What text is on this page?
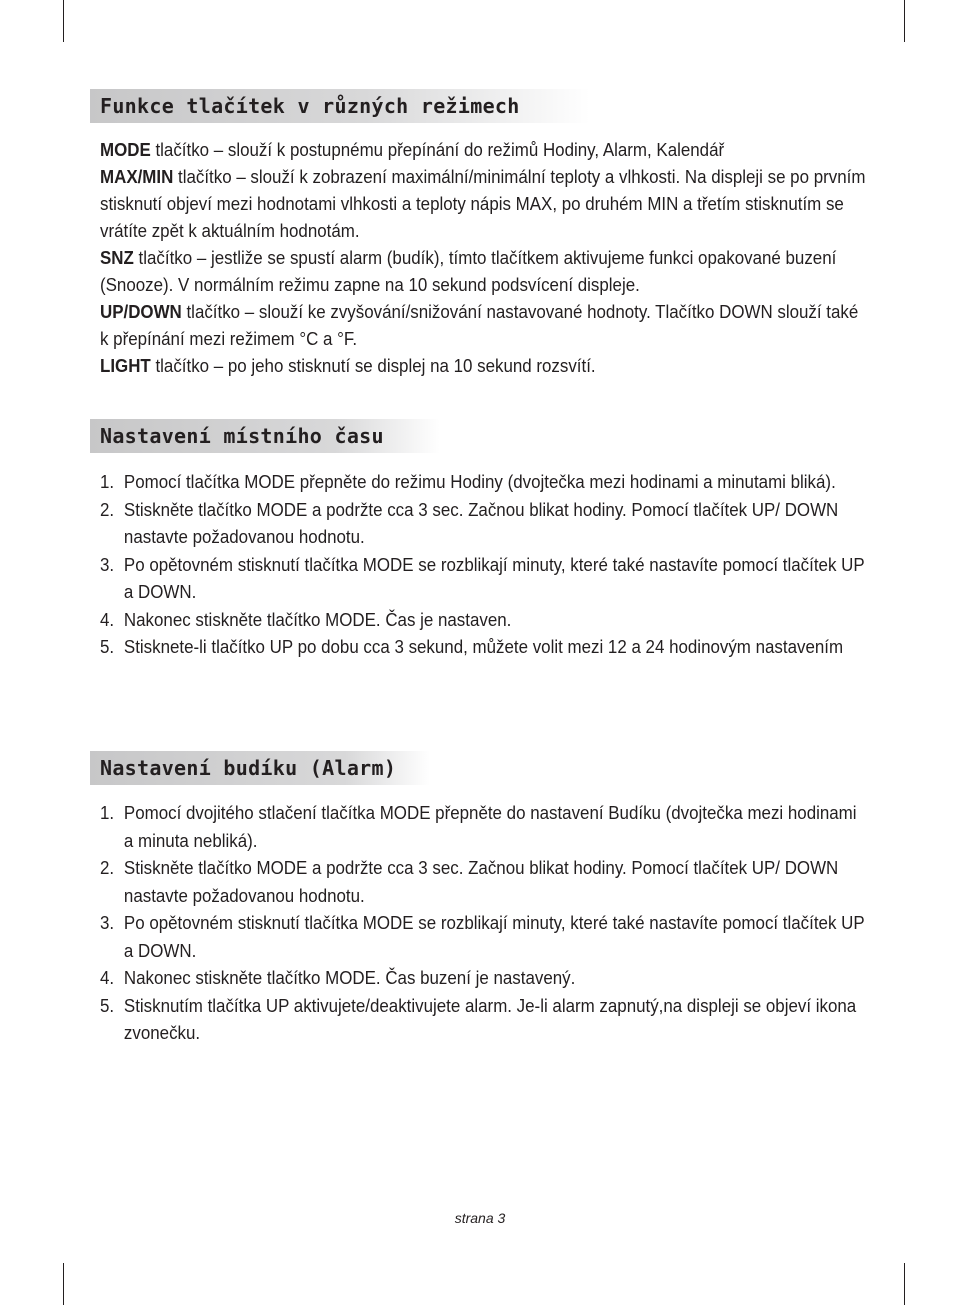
Funkce tlačítek v různých režimech

MODE tlačítko – slouží k postupnému přepínání do režimů Hodiny, Alarm, Kalendář

MAX/MIN tlačítko – slouží k zobrazení maximální/minimální teploty a vlhkosti. Na displeji se po prvním stisknutí objeví mezi hodnotami vlhkosti a teploty nápis MAX, po druhém MIN a třetím stisknutím se vrátíte zpět k aktuálním hodnotám.

SNZ tlačítko – jestliže se spustí alarm (budík), tímto tlačítkem aktivujeme funkci opakované buzení (Snooze). V normálním režimu zapne na 10 sekund podsvícení displeje.

UP/DOWN tlačítko – slouží ke zvyšování/snižování nastavované hodnoty. Tlačítko DOWN slouží také k přepínání mezi režimem °C a °F.

LIGHT tlačítko – po jeho stisknutí se displej na 10 sekund rozsvítí.

Nastavení místního času
1. Pomocí tlačítka MODE přepněte do režimu Hodiny (dvojtečka mezi hodinami a minutami bliká).
2. Stiskněte tlačítko MODE a podržte cca 3 sec. Začnou blikat hodiny. Pomocí tlačítek UP/ DOWN nastavte požadovanou hodnotu.
3. Po opětovném stisknutí tlačítka MODE se rozblikají minuty, které také nastavíte pomocí tlačítek UP a DOWN.
4. Nakonec stiskněte tlačítko MODE. Čas je nastaven.
5. Stisknete-li tlačítko UP po dobu cca 3 sekund, můžete volit mezi 12 a 24 hodinovým nastavením
Nastavení budíku (Alarm)
1. Pomocí dvojitého stlačení tlačítka MODE přepněte do nastavení Budíku (dvojtečka mezi hodinami a minuta nebliká).
2. Stiskněte tlačítko MODE a podržte cca 3 sec. Začnou blikat hodiny. Pomocí tlačítek UP/ DOWN nastavte požadovanou hodnotu.
3. Po opětovném stisknutí tlačítka MODE se rozblikají minuty, které také nastavíte pomocí tlačítek UP a DOWN.
4. Nakonec stiskněte tlačítko MODE. Čas buzení je nastavený.
5. Stisknutím tlačítka UP aktivujete/deaktivujete alarm. Je-li alarm zapnutý,na displeji se objeví ikona zvonečku.
strana 3
